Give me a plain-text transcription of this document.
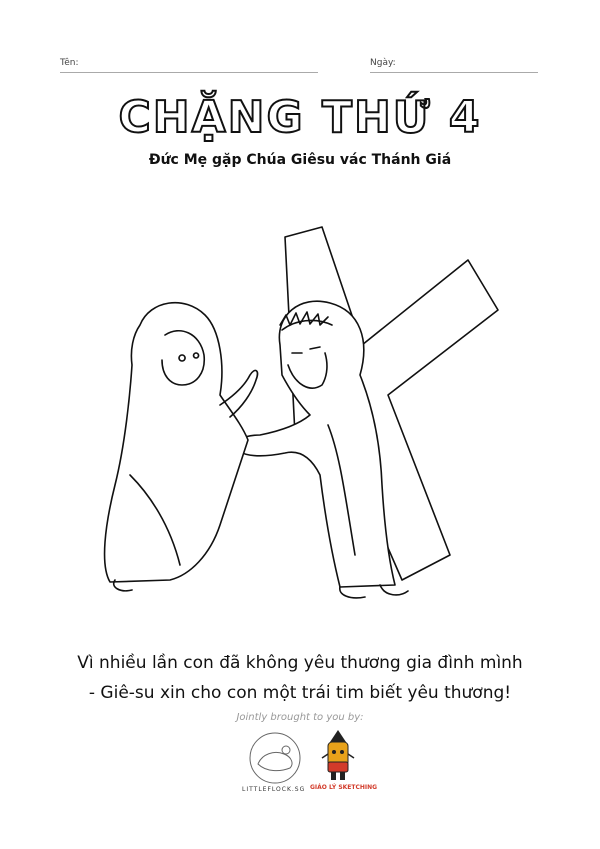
Tên:	Ngày:
CHẶNG THỨ 4
Đức Mẹ gặp Chúa Giêsu vác Thánh Giá
Vì nhiều lần con đã không yêu thương gia đình mình
- Giê-su xin cho con một trái tim biết yêu thương!
Jointly brought to you by:
LITTLEFLOCK.SG GIÁO LÝ SKETCHING
